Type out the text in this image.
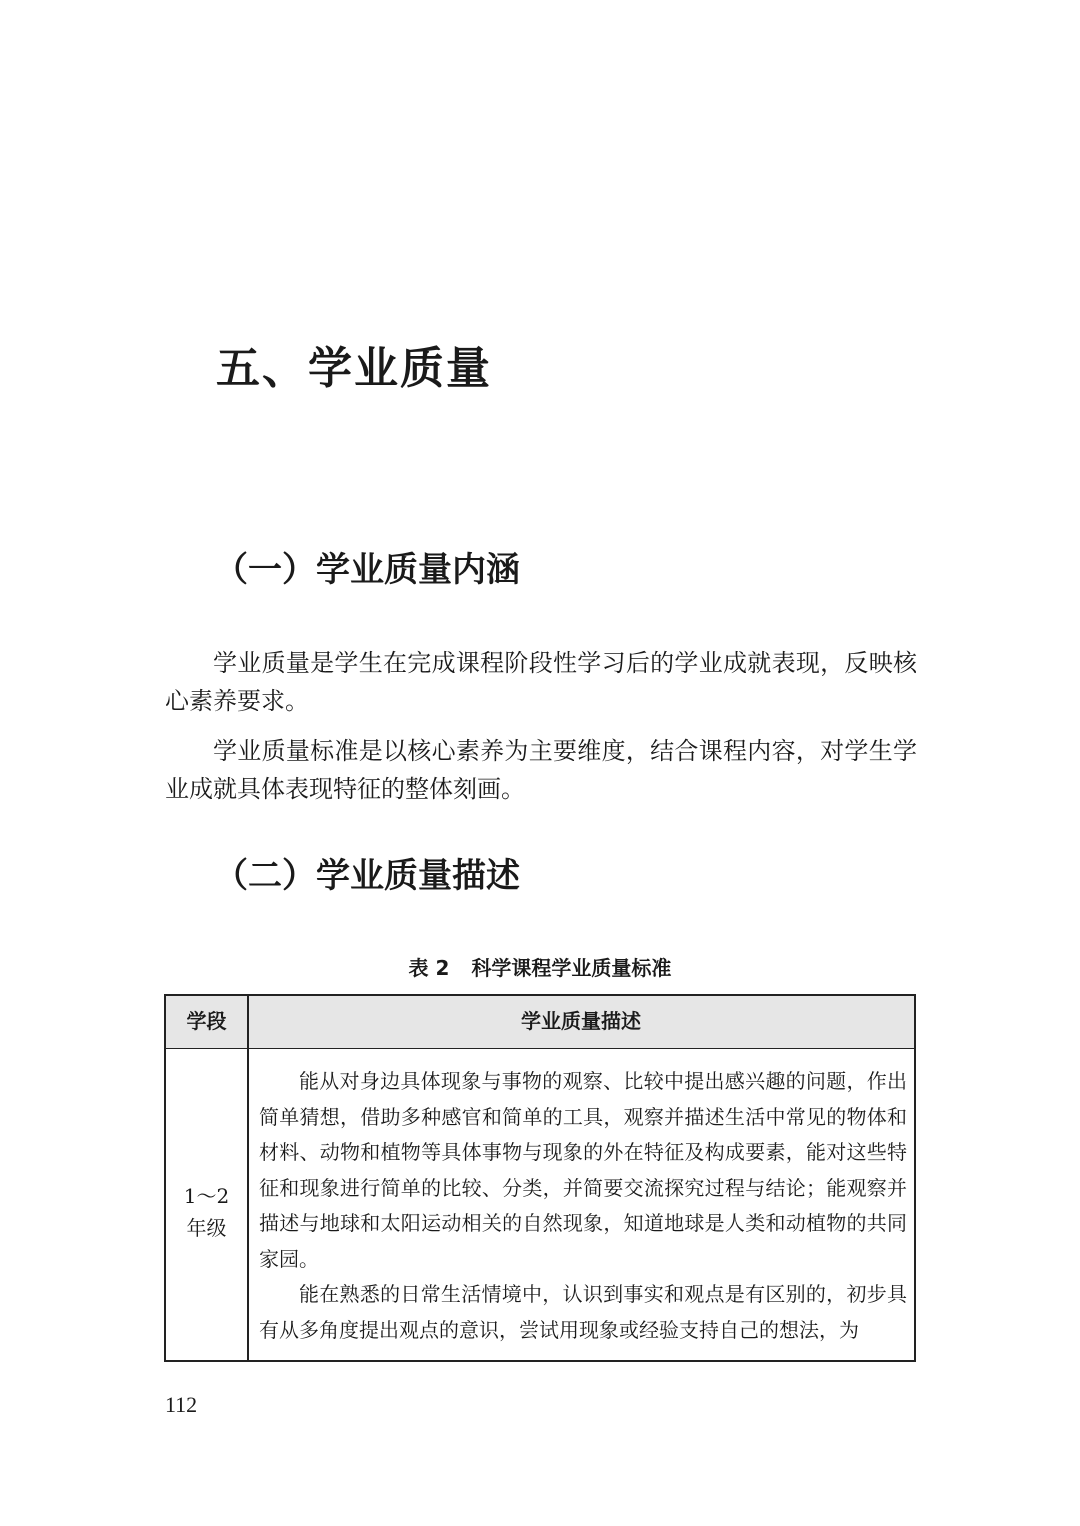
五、学业质量
（一）学业质量内涵

学业质量是学生在完成课程阶段性学习后的学业成就表现，反映核心素养要求。

学业质量标准是以核心素养为主要维度，结合课程内容，对学生学业成就具体表现特征的整体刻画。

（二）学业质量描述
表 2 科学课程学业质量标准
学段	学业质量描述
1～2
年级

能从对身边具体现象与事物的观察、比较中提出感兴趣的问题，作出简单猜想，借助多种感官和简单的工具，观察并描述生活中常见的物体和材料、动物和植物等具体事物与现象的外在特征及构成要素，能对这些特征和现象进行简单的比较、分类，并简要交流探究过程与结论；能观察并描述与地球和太阳运动相关的自然现象，知道地球是人类和动植物的共同家园。

能在熟悉的日常生活情境中，认识到事实和观点是有区别的，初步具有从多角度提出观点的意识，尝试用现象或经验支持自己的想法，为

112
